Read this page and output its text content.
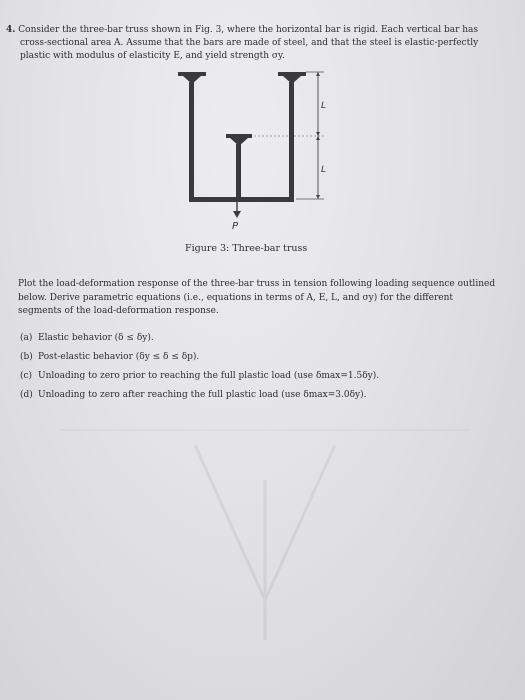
4. Consider the three-bar truss shown in Fig. 3, where the horizontal bar is rigid. Each vertical bar has
cross-sectional area A. Assume that the bars are made of steel, and that the steel is elastic-perfectly
plastic with modulus of elasticity E, and yield strength σy.
L
L
P
Figure 3: Three-bar truss
Plot the load-deformation response of the three-bar truss in tension following loading sequence outlined
below. Derive parametric equations (i.e., equations in terms of A, E, L, and σy) for the different
segments of the load-deformation response.
(a) Elastic behavior (δ ≤ δy).
(b) Post-elastic behavior (δy ≤ δ ≤ δp).
(c) Unloading to zero prior to reaching the full plastic load (use δmax=1.5δy).
(d) Unloading to zero after reaching the full plastic load (use δmax=3.0δy).
